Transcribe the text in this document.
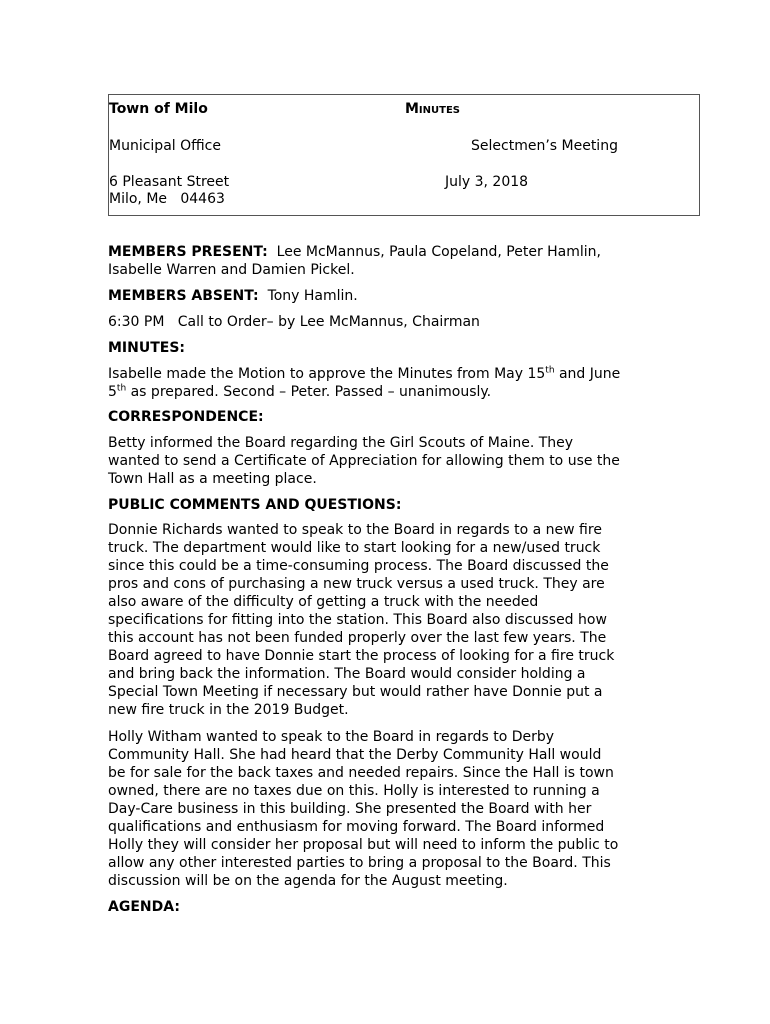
Town of Milo	Minutes
Municipal Office	Selectmen’s Meeting
6 Pleasant Street	July 3, 2018
Milo, Me   04463
MEMBERS PRESENT: Lee McMannus, Paula Copeland, Peter Hamlin,
Isabelle Warren and Damien Pickel.
MEMBERS ABSENT: Tony Hamlin.
6:30 PM   Call to Order– by Lee McMannus, Chairman
MINUTES:
Isabelle made the Motion to approve the Minutes from May 15th and June
5th as prepared. Second – Peter. Passed – unanimously.
CORRESPONDENCE:
Betty informed the Board regarding the Girl Scouts of Maine. They
wanted to send a Certificate of Appreciation for allowing them to use the
Town Hall as a meeting place.
PUBLIC COMMENTS AND QUESTIONS:
Donnie Richards wanted to speak to the Board in regards to a new fire
truck. The department would like to start looking for a new/used truck
since this could be a time-consuming process. The Board discussed the
pros and cons of purchasing a new truck versus a used truck. They are
also aware of the difficulty of getting a truck with the needed
specifications for fitting into the station. This Board also discussed how
this account has not been funded properly over the last few years. The
Board agreed to have Donnie start the process of looking for a fire truck
and bring back the information. The Board would consider holding a
Special Town Meeting if necessary but would rather have Donnie put a
new fire truck in the 2019 Budget.
Holly Witham wanted to speak to the Board in regards to Derby
Community Hall. She had heard that the Derby Community Hall would
be for sale for the back taxes and needed repairs. Since the Hall is town
owned, there are no taxes due on this. Holly is interested to running a
Day-Care business in this building. She presented the Board with her
qualifications and enthusiasm for moving forward. The Board informed
Holly they will consider her proposal but will need to inform the public to
allow any other interested parties to bring a proposal to the Board. This
discussion will be on the agenda for the August meeting.
AGENDA:
